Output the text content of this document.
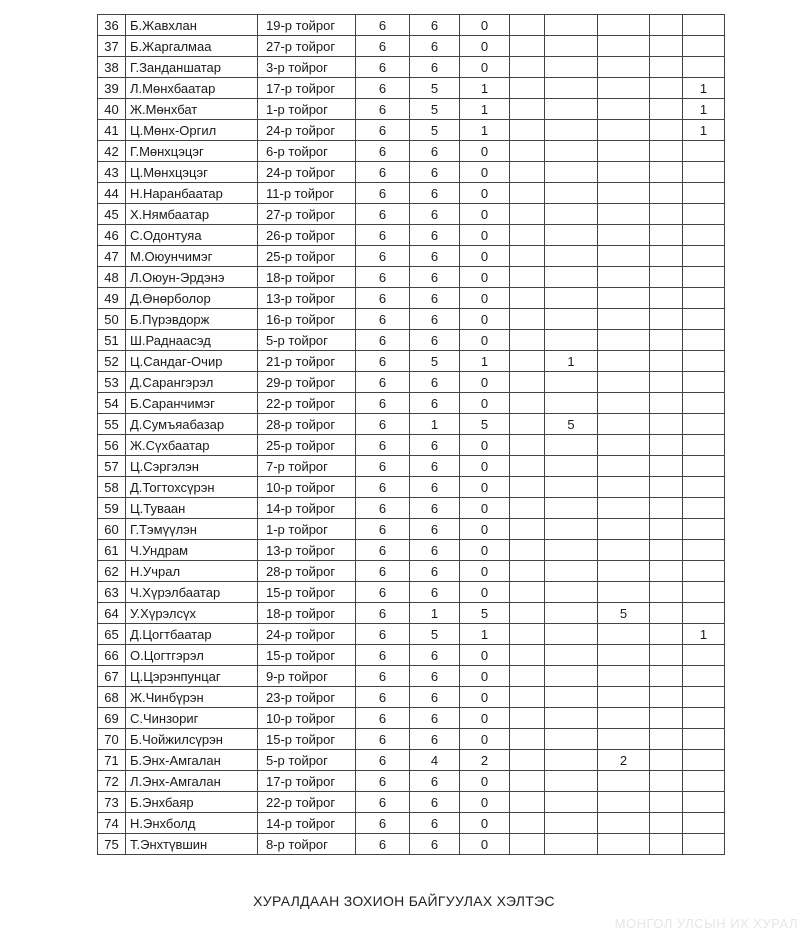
36	Б.Жавхлан	19-р тойрог	6	6	0					
37	Б.Жаргалмаа	27-р тойрог	6	6	0					
38	Г.Занданшатар	3-р тойрог	6	6	0					
39	Л.Мөнхбаатар	17-р тойрог	6	5	1					1
40	Ж.Мөнхбат	1-р тойрог	6	5	1					1
41	Ц.Мөнх-Оргил	24-р тойрог	6	5	1					1
42	Г.Мөнхцэцэг	6-р тойрог	6	6	0					
43	Ц.Мөнхцэцэг	24-р тойрог	6	6	0					
44	Н.Наранбаатар	11-р тойрог	6	6	0					
45	Х.Нямбаатар	27-р тойрог	6	6	0					
46	С.Одонтуяа	26-р тойрог	6	6	0					
47	М.Оюунчимэг	25-р тойрог	6	6	0					
48	Л.Оюун-Эрдэнэ	18-р тойрог	6	6	0					
49	Д.Өнөрболор	13-р тойрог	6	6	0					
50	Б.Пүрэвдорж	16-р тойрог	6	6	0					
51	Ш.Раднаасэд	5-р тойрог	6	6	0					
52	Ц.Сандаг-Очир	21-р тойрог	6	5	1		1			
53	Д.Сарангэрэл	29-р тойрог	6	6	0					
54	Б.Саранчимэг	22-р тойрог	6	6	0					
55	Д.Сумъяабазар	28-р тойрог	6	1	5		5			
56	Ж.Сүхбаатар	25-р тойрог	6	6	0					
57	Ц.Сэргэлэн	7-р тойрог	6	6	0					
58	Д.Тогтохсүрэн	10-р тойрог	6	6	0					
59	Ц.Туваан	14-р тойрог	6	6	0					
60	Г.Тэмүүлэн	1-р тойрог	6	6	0					
61	Ч.Ундрам	13-р тойрог	6	6	0					
62	Н.Учрал	28-р тойрог	6	6	0					
63	Ч.Хүрэлбаатар	15-р тойрог	6	6	0					
64	У.Хүрэлсүх	18-р тойрог	6	1	5			5		
65	Д.Цогтбаатар	24-р тойрог	6	5	1					1
66	О.Цогтгэрэл	15-р тойрог	6	6	0					
67	Ц.Цэрэнпунцаг	9-р тойрог	6	6	0					
68	Ж.Чинбүрэн	23-р тойрог	6	6	0					
69	С.Чинзориг	10-р тойрог	6	6	0					
70	Б.Чойжилсүрэн	15-р тойрог	6	6	0					
71	Б.Энх-Амгалан	5-р тойрог	6	4	2			2		
72	Л.Энх-Амгалан	17-р тойрог	6	6	0					
73	Б.Энхбаяр	22-р тойрог	6	6	0					
74	Н.Энхболд	14-р тойрог	6	6	0					
75	Т.Энхтүвшин	8-р тойрог	6	6	0					
ХУРАЛДААН ЗОХИОН БАЙГУУЛАХ ХЭЛТЭС
МОНГОЛ УЛСЫН ИХ ХУРАЛ
